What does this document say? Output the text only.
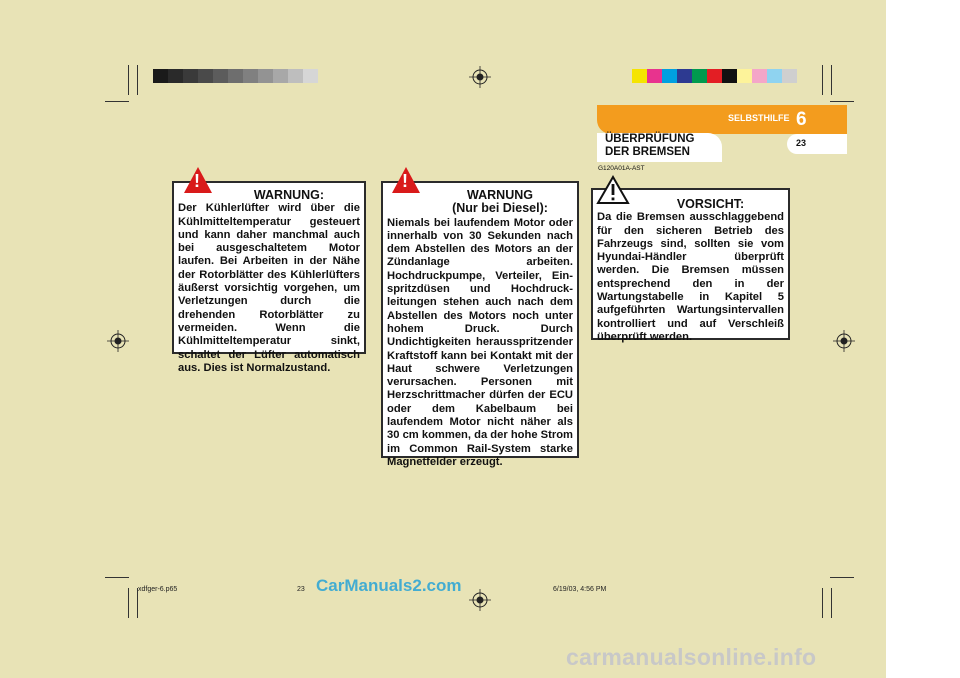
SELBSTHILFE 6
23
ÜBERPRÜFUNG
DER BREMSEN
G120A01A-AST
WARNUNG:
Der Kühlerlüfter wird über die Kühlmitteltemperatur gesteuert und kann daher manchmal auch bei ausgeschaltetem Motor laufen. Bei Arbeiten in der Nähe der Rotorblätter des Kühlerlüfters äußerst vorsichtig vorgehen, um Verletzungen durch die drehenden Rotorblätter zu vermeiden. Wenn die Kühlmitteltemperatur sinkt, schaltet der Lüfter automatisch aus. Dies ist Normalzustand.
!
WARNUNG
(Nur bei Diesel):
Niemals bei laufendem Motor oder innerhalb von 30 Sekunden nach dem Abstellen des Motors an der Zündanlage arbeiten. Hochdruckpumpe, Verteiler, Ein-spritzdüsen und Hochdruck-leitungen stehen auch nach dem Abstellen des Motors noch unter hohem Druck. Durch Undichtigkeiten herausspritzender Kraftstoff kann bei Kontakt mit der Haut schwere Verletzungen verursachen. Personen mit Herzschrittmacher dürfen der ECU oder dem Kabelbaum bei laufendem Motor nicht näher als 30 cm kommen, da der hohe Strom im Common Rail-System starke Magnetfelder erzeugt.
!
VORSICHT:
Da die Bremsen ausschlaggebend für den sicheren Betrieb des Fahrzeugs sind, sollten sie vom Hyundai-Händler überprüft werden. Die Bremsen müssen entsprechend den in der Wartungstabelle in Kapitel 5 aufgeführten Wartungsintervallen kontrolliert und auf Verschleiß überprüft werden.
xdfger-6.p65	23	6/19/03, 4:56 PM
CarManuals2.com
carmanualsonline.info
